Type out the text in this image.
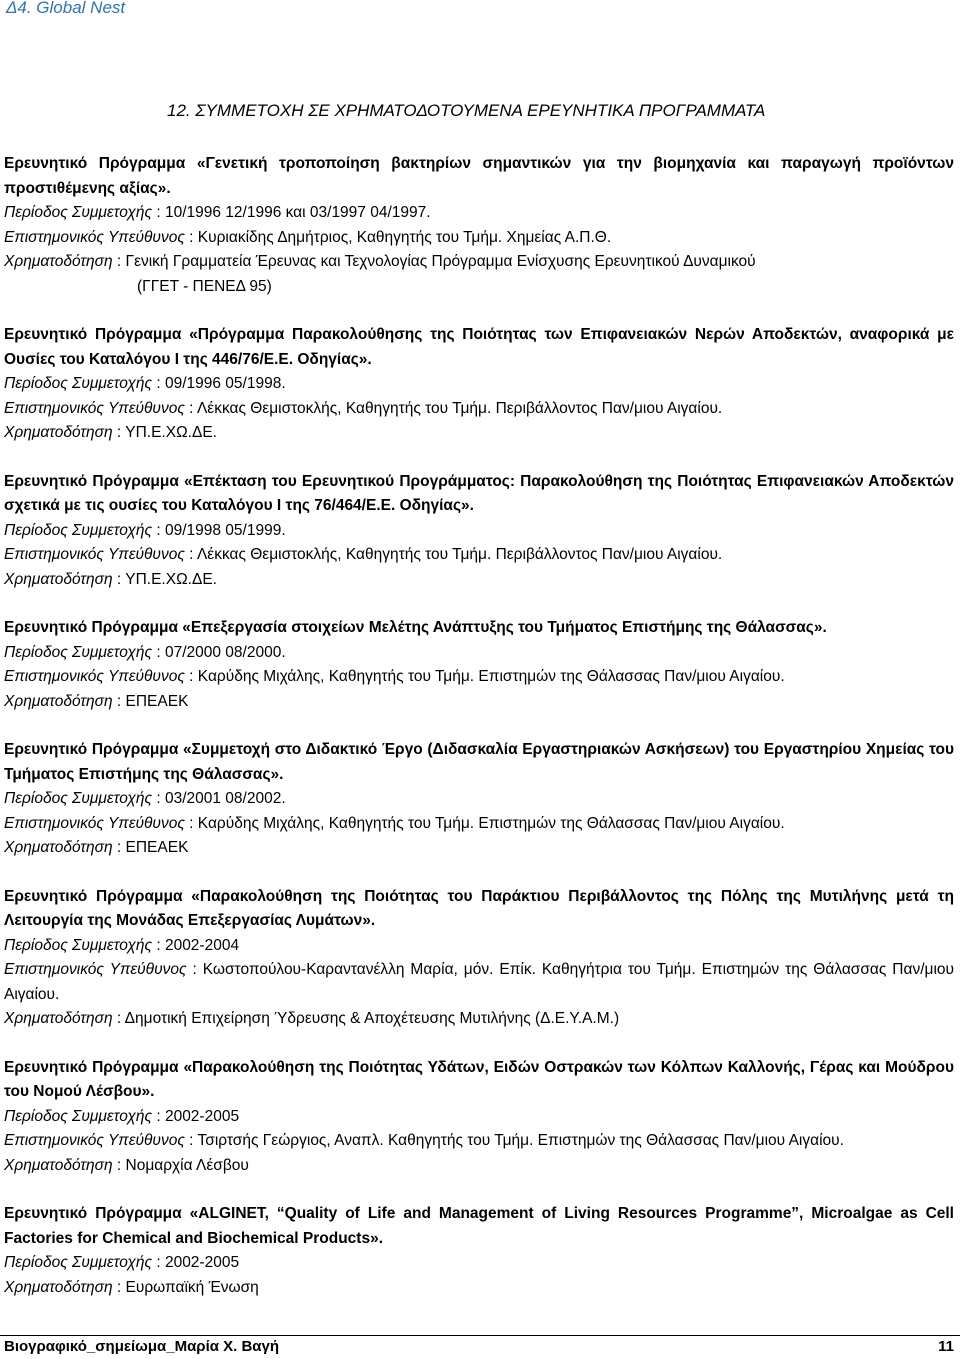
Δ4. Global Nest
12. ΣΥΜΜΕΤΟΧΗ ΣΕ ΧΡΗΜΑΤΟΔΟΤΟΥΜΕΝΑ ΕΡΕΥΝΗΤΙΚΑ ΠΡΟΓΡΑΜΜΑΤΑ

Ερευνητικό Πρόγραμμα «Γενετική τροποποίηση βακτηρίων σημαντικών για την βιομηχανία και παραγωγή προϊόντων προστιθέμενης αξίας».

Περίοδος Συμμετοχής : 10/1996 12/1996 και 03/1997 04/1997.

Επιστημονικός Υπεύθυνος : Κυριακίδης Δημήτριος, Καθηγητής του Τμήμ. Χημείας Α.Π.Θ.

Χρηματοδότηση : Γενική Γραμματεία Έρευνας και Τεχνολογίας Πρόγραμμα Ενίσχυσης Ερευνητικού Δυναμικού

(ΓΓΕΤ - ΠΕΝΕΔ 95)

Ερευνητικό Πρόγραμμα «Πρόγραμμα Παρακολούθησης της Ποιότητας των Επιφανειακών Νερών Αποδεκτών, αναφορικά με Ουσίες του Καταλόγου Ι της 446/76/Ε.Ε. Οδηγίας».

Περίοδος Συμμετοχής : 09/1996 05/1998.

Επιστημονικός Υπεύθυνος : Λέκκας Θεμιστοκλής, Καθηγητής του Τμήμ. Περιβάλλοντος Παν/μιου Αιγαίου.

Χρηματοδότηση : ΥΠ.Ε.ΧΩ.ΔΕ.

Ερευνητικό Πρόγραμμα «Επέκταση του Ερευνητικού Προγράμματος: Παρακολούθηση της Ποιότητας Επιφανειακών Αποδεκτών σχετικά με τις ουσίες του Καταλόγου Ι της 76/464/Ε.Ε. Οδηγίας».

Περίοδος Συμμετοχής : 09/1998 05/1999.

Επιστημονικός Υπεύθυνος : Λέκκας Θεμιστοκλής, Καθηγητής του Τμήμ. Περιβάλλοντος Παν/μιου Αιγαίου.

Χρηματοδότηση : ΥΠ.Ε.ΧΩ.ΔΕ.

Ερευνητικό Πρόγραμμα «Επεξεργασία στοιχείων Μελέτης Ανάπτυξης του Τμήματος Επιστήμης της Θάλασσας».

Περίοδος Συμμετοχής : 07/2000 08/2000.

Επιστημονικός Υπεύθυνος : Καρύδης Μιχάλης, Καθηγητής του Τμήμ. Επιστημών της Θάλασσας Παν/μιου Αιγαίου.

Χρηματοδότηση : ΕΠΕΑΕΚ

Ερευνητικό Πρόγραμμα «Συμμετοχή στο Διδακτικό Έργο (Διδασκαλία Εργαστηριακών Ασκήσεων) του Εργαστηρίου Χημείας του Τμήματος Επιστήμης της Θάλασσας».

Περίοδος Συμμετοχής : 03/2001 08/2002.

Επιστημονικός Υπεύθυνος : Καρύδης Μιχάλης, Καθηγητής του Τμήμ. Επιστημών της Θάλασσας Παν/μιου Αιγαίου.

Χρηματοδότηση : ΕΠΕΑΕΚ

Ερευνητικό Πρόγραμμα «Παρακολούθηση της Ποιότητας του Παράκτιου Περιβάλλοντος της Πόλης της Μυτιλήνης μετά τη Λειτουργία της Μονάδας Επεξεργασίας Λυμάτων».

Περίοδος Συμμετοχής : 2002-2004

Επιστημονικός Υπεύθυνος : Κωστοπούλου-Καραντανέλλη Μαρία, μόν. Επίκ. Καθηγήτρια του Τμήμ. Επιστημών της Θάλασσας Παν/μιου Αιγαίου.

Χρηματοδότηση : Δημοτική Επιχείρηση Ύδρευσης & Αποχέτευσης Μυτιλήνης (Δ.Ε.Υ.Α.Μ.)

Ερευνητικό Πρόγραμμα «Παρακολούθηση της Ποιότητας Υδάτων, Ειδών Οστρακών των Κόλπων Καλλονής, Γέρας και Μούδρου του Νομού Λέσβου».

Περίοδος Συμμετοχής : 2002-2005

Επιστημονικός Υπεύθυνος : Τσιρτσής Γεώργιος, Αναπλ. Καθηγητής του Τμήμ. Επιστημών της Θάλασσας Παν/μιου Αιγαίου.

Χρηματοδότηση : Νομαρχία Λέσβου

Ερευνητικό Πρόγραμμα «ALGINET, “Quality of Life and Management of Living Resources Programme”, Microalgae as Cell Factories for Chemical and Biochemical Products».

Περίοδος Συμμετοχής : 2002-2005

Χρηματοδότηση : Ευρωπαϊκή Ένωση

Βιογραφικό_σημείωμα_Μαρία Χ. Βαγή	11
